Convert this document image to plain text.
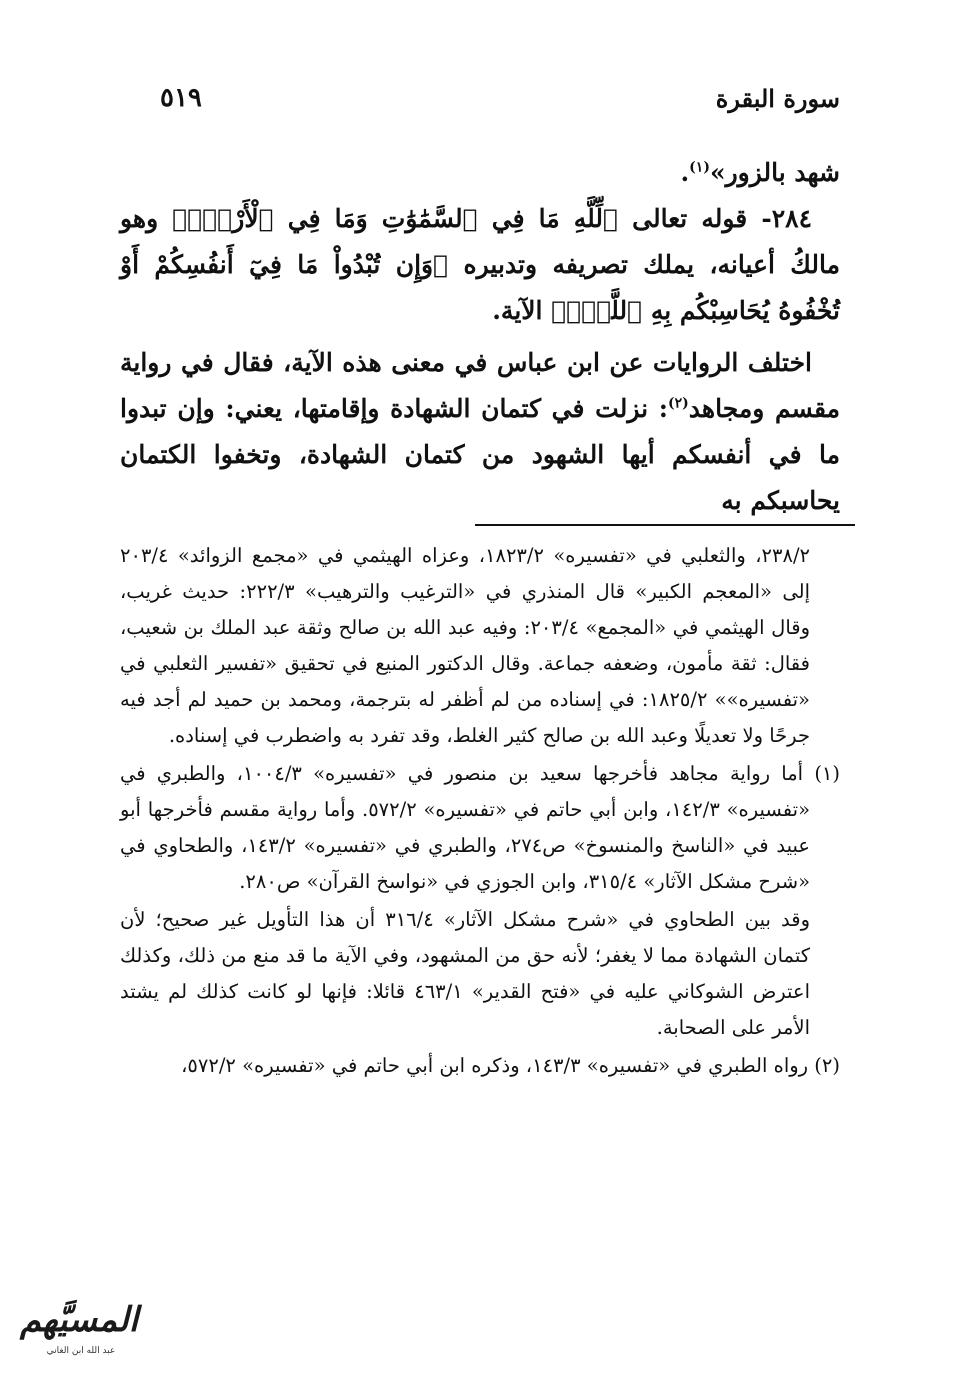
سورة البقرة
٥١٩

شهد بالزور»$^{(١)}$.

٢٨٤- قوله تعالى ﴿لِّلَّهِ مَا فِي ٱلسَّمَٰوَٰتِ وَمَا فِي ٱلْأَرْضِۗ﴾ وهو مالكُ أعيانه، يملك تصريفه وتدبيره ﴿وَإِن تُبْدُواْ مَا فِيٓ أَنفُسِكُمْ أَوْ تُخْفُوهُ يُحَاسِبْكُم بِهِ ٱللَّهُۖ﴾ الآية.

اختلف الروايات عن ابن عباس في معنى هذه الآية، فقال في رواية مقسم ومجاهد$^{(٢)}$: نزلت في كتمان الشهادة وإقامتها، يعني: وإن تبدوا ما في أنفسكم أيها الشهود من كتمان الشهادة، وتخفوا الكتمان يحاسبكم به

٢٣٨/٢، والثعلبي في «تفسيره» ١٨٢٣/٢، وعزاه الهيثمي في «مجمع الزوائد» ٢٠٣/٤ إلى «المعجم الكبير» قال المنذري في «الترغيب والترهيب» ٢٢٢/٣: حديث غريب، وقال الهيثمي في «المجمع» ٢٠٣/٤: وفيه عبد الله بن صالح وثقة عبد الملك بن شعيب، فقال: ثقة مأمون، وضعفه جماعة. وقال الدكتور المنيع في تحقيق «تفسير الثعلبي في «تفسيره»» ١٨٢٥/٢: في إسناده من لم أظفر له بترجمة، ومحمد بن حميد لم أجد فيه جرحًا ولا تعديلًا وعبد الله بن صالح كثير الغلط، وقد تفرد به واضطرب في إسناده.

(١) أما رواية مجاهد فأخرجها سعيد بن منصور في «تفسيره» ١٠٠٤/٣، والطبري في «تفسيره» ١٤٢/٣، وابن أبي حاتم في «تفسيره» ٥٧٢/٢. وأما رواية مقسم فأخرجها أبو عبيد في «الناسخ والمنسوخ» ص٢٧٤، والطبري في «تفسيره» ١٤٣/٢، والطحاوي في «شرح مشكل الآثار» ٣١٥/٤، وابن الجوزي في «نواسخ القرآن» ص٢٨٠.

وقد بين الطحاوي في «شرح مشكل الآثار» ٣١٦/٤ أن هذا التأويل غير صحيح؛ لأن كتمان الشهادة مما لا يغفر؛ لأنه حق من المشهود، وفي الآية ما قد منع من ذلك، وكذلك اعترض الشوكاني عليه في «فتح القدير» ٤٦٣/١ قائلا: فإنها لو كانت كذلك لم يشتد الأمر على الصحابة.

(٢) رواه الطبري في «تفسيره» ١٤٣/٣، وذكره ابن أبي حاتم في «تفسيره» ٥٧٢/٢،

المسيَّهم
عبد الله ابن الغاني
